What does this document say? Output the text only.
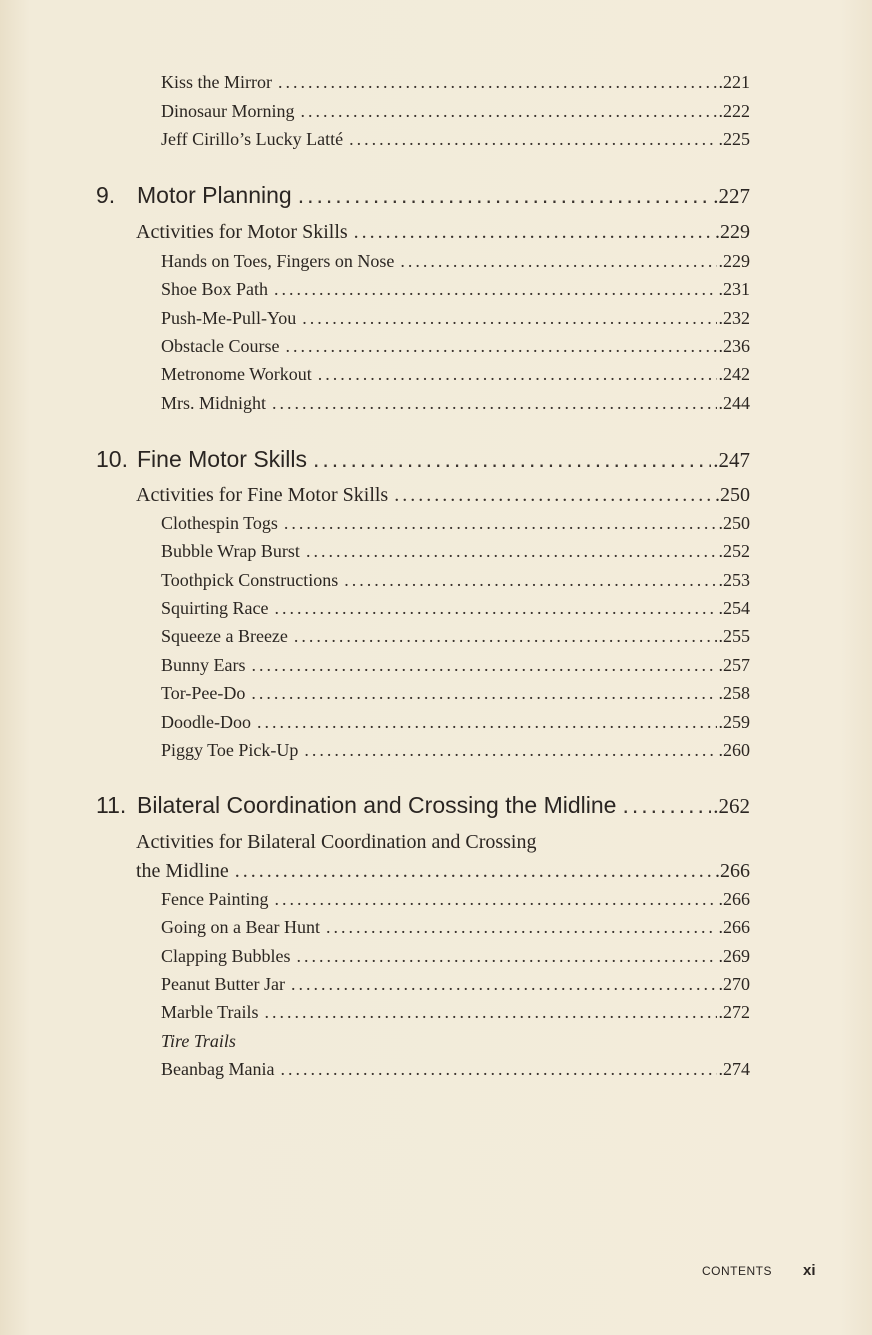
Kiss the Mirror .....	.221
Dinosaur Morning .....	.222
Jeff Cirillo’s Lucky Latté .....	.225
9. Motor Planning .....	.227
Activities for Motor Skills .....	.229
Hands on Toes, Fingers on Nose .....	.229
Shoe Box Path .....	.231
Push-Me-Pull-You .....	.232
Obstacle Course .....	.236
Metronome Workout .....	.242
Mrs. Midnight .....	.244
10. Fine Motor Skills .....	.247
Activities for Fine Motor Skills .....	.250
Clothespin Togs .....	.250
Bubble Wrap Burst .....	.252
Toothpick Constructions .....	.253
Squirting Race .....	.254
Squeeze a Breeze .....	.255
Bunny Ears .....	.257
Tor-Pee-Do .....	.258
Doodle-Doo .....	.259
Piggy Toe Pick-Up .....	.260
11. Bilateral Coordination and Crossing the Midline .....	.262
Activities for Bilateral Coordination and Crossing
the Midline .....	.266
Fence Painting .....	.266
Going on a Bear Hunt .....	.266
Clapping Bubbles .....	.269
Peanut Butter Jar .....	.270
Marble Trails .....	.272
Tire Trails
Beanbag Mania .....	.274
CONTENTS xi
